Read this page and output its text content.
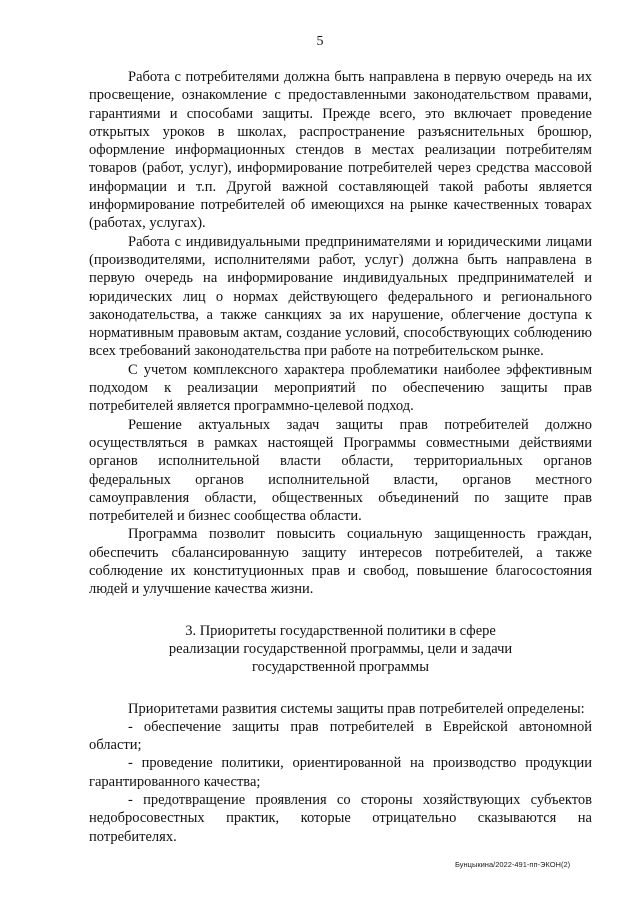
5

Работа с потребителями должна быть направлена в первую очередь на их просвещение, ознакомление с предоставленными законодательством правами, гарантиями и способами защиты. Прежде всего, это включает проведение открытых уроков в школах, распространение разъяснительных брошюр, оформление информационных стендов в местах реализации потребителям товаров (работ, услуг), информирование потребителей через средства массовой информации и т.п. Другой важной составляющей такой работы является информирование потребителей об имеющихся на рынке качественных товарах (работах, услугах).

Работа с индивидуальными предпринимателями и юридическими лицами (производителями, исполнителями работ, услуг) должна быть направлена в первую очередь на информирование индивидуальных предпринимателей и юридических лиц о нормах действующего федерального и регионального законодательства, а также санкциях за их нарушение, облегчение доступа к нормативным правовым актам, создание условий, способствующих соблюдению всех требований законодательства при работе на потребительском рынке.

С учетом комплексного характера проблематики наиболее эффективным подходом к реализации мероприятий по обеспечению защиты прав потребителей является программно-целевой подход.

Решение актуальных задач защиты прав потребителей должно осуществляться в рамках настоящей Программы совместными действиями органов исполнительной власти области, территориальных органов федеральных органов исполнительной власти, органов местного самоуправления области, общественных объединений по защите прав потребителей и бизнес сообщества области.

Программа позволит повысить социальную защищенность граждан, обеспечить сбалансированную защиту интересов потребителей, а также соблюдение их конституционных прав и свобод, повышение благосостояния людей и улучшение качества жизни.

3. Приоритеты государственной политики в сфере
реализации государственной программы, цели и задачи
государственной программы

Приоритетами развития системы защиты прав потребителей определены:

- обеспечение защиты прав потребителей в Еврейской автономной области;

- проведение политики, ориентированной на производство продукции гарантированного качества;

- предотвращение проявления со стороны хозяйствующих субъектов недобросовестных практик, которые отрицательно сказываются на потребителях.

Бунцыкина/2022-491-пп-ЭКОН(2)
